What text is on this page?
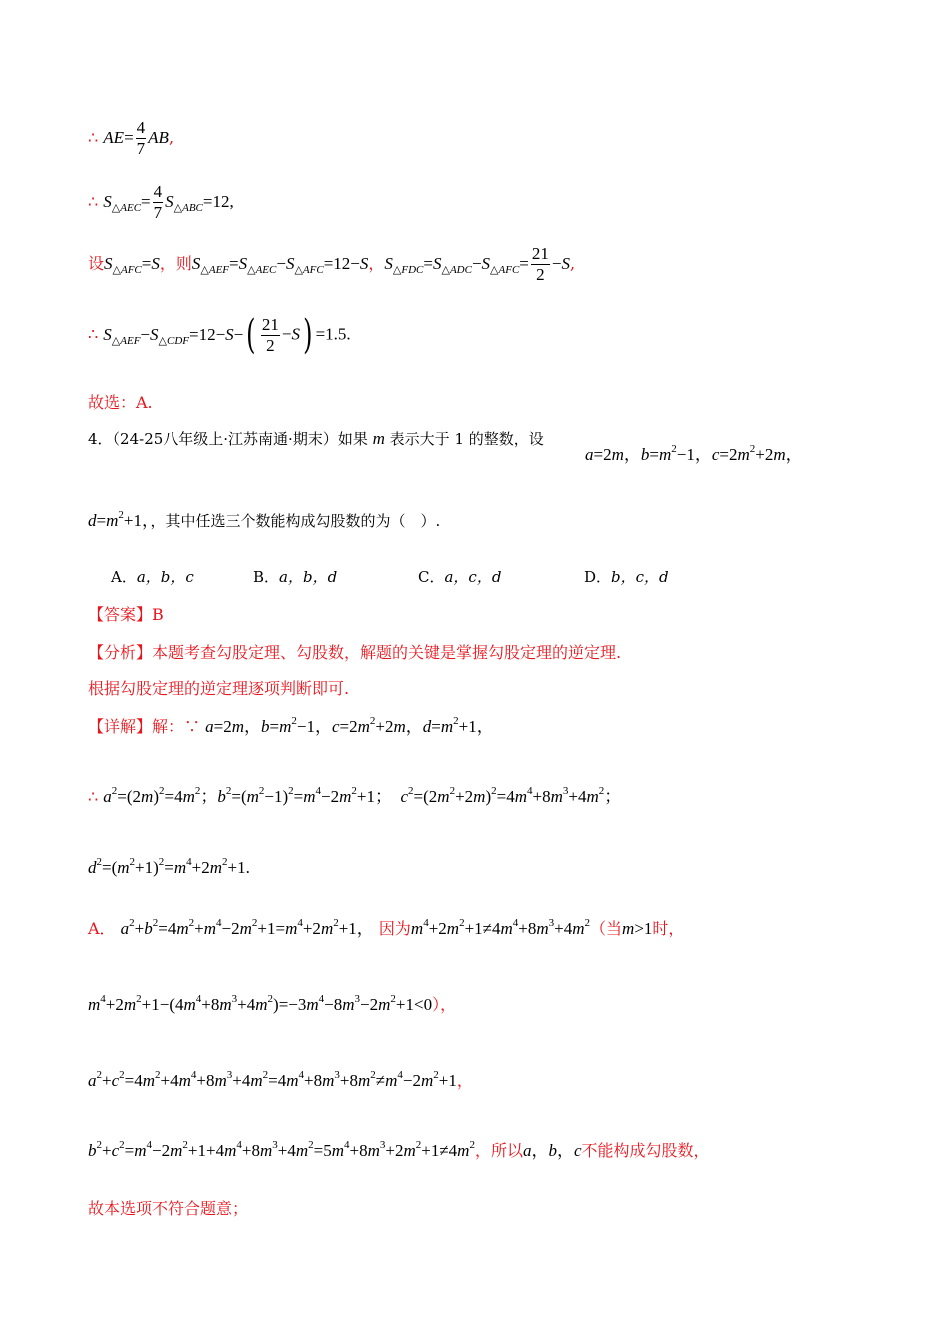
∴ $AE= \frac{4}{7}$ AB,
∴ $S_{\triangle AEC}= \frac{4}{7} S_{\triangle ABC}=12$,
设$S_{\triangle AFC}=S$，则$S_{\triangle AEF}=S_{\triangle AEC}-S_{\triangle AFC}=12-S$，$S_{\triangle FDC}=S_{\triangle ADC}-S_{\triangle AFC}= \frac{21}{2} -S$,
∴ $S_{\triangle AEF}-S_{\triangle CDF}=12-S-( \frac{21}{2} -S) =1.5$.
故选：A.
4．（24-25八年级上·江苏南通·期末）如果 m 表示大于 1 的整数，设
a=2m，$b=m^2-1$，$c=2m^2+2m$，
$d=m^2+1$，，其中任选三个数能构成勾股数的为（　）.
A．a，b，c	B．a，b，d	C．a，c，d	D．b，c，d
【答案】B
【分析】本题考查勾股定理、勾股数，解题的关键是掌握勾股定理的逆定理.
根据勾股定理的逆定理逐项判断即可.
【详解】解：∵ a=2m，$b=m^2-1$，$c=2m^2+2m$，$d=m^2+1$，
∴ $a^2=(2m)^2=4m^2$；$b^2=(m^2-1)^2=m^4-2m^2+1$；  $c^2=(2m^2+2m)^2=4m^4+8m^3+4m^2$；
$d^2=(m^2+1)^2=m^4+2m^2+1$.
A． $a^2+b^2=4m^2+m^4-2m^2+1=m^4+2m^2+1$， 因为$m^4+2m^2+1\ne 4m^4+8m^3+4m^2$（当m>1时，
$m^4+2m^2+1-(4m^4+8m^3+4m^2)=-3m^4-8m^3-2m^2+1<0$），
$a^2+c^2=4m^2+4m^4+8m^3+4m^2=4m^4+8m^3+8m^2\ne m^4-2m^2+1$，
$b^2+c^2=m^4-2m^2+1+4m^4+8m^3+4m^2=5m^4+8m^3+2m^2+1\ne 4m^2$，所以a，b，c不能构成勾股数，
故本选项不符合题意；
